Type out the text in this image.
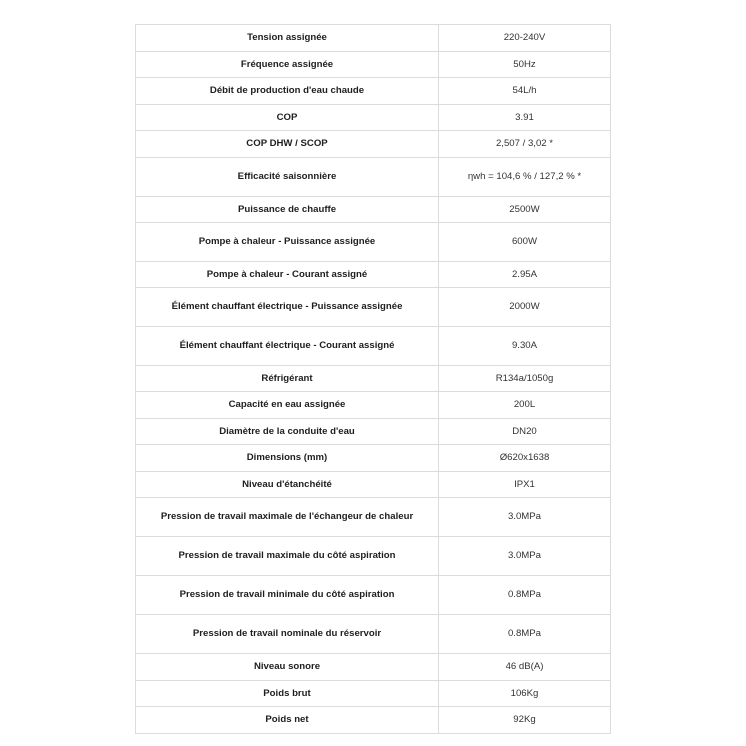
Tension assignée	220-240V
Fréquence assignée	50Hz
Débit de production d'eau chaude	54L/h
COP	3.91
COP DHW / SCOP	2,507 / 3,02 *
Efficacité saisonnière	ηwh = 104,6 % / 127,2 % *
Puissance de chauffe	2500W
Pompe à chaleur - Puissance assignée	600W
Pompe à chaleur - Courant assigné	2.95A
Élément chauffant électrique - Puissance assignée	2000W
Élément chauffant électrique - Courant assigné	9.30A
Réfrigérant	R134a/1050g
Capacité en eau assignée	200L
Diamètre de la conduite d'eau	DN20
Dimensions (mm)	Ø620x1638
Niveau d'étanchéité	IPX1
Pression de travail maximale de l'échangeur de chaleur	3.0MPa
Pression de travail maximale du côté aspiration	3.0MPa
Pression de travail minimale du côté aspiration	0.8MPa
Pression de travail nominale du réservoir	0.8MPa
Niveau sonore	46 dB(A)
Poids brut	106Kg
Poids net	92Kg
